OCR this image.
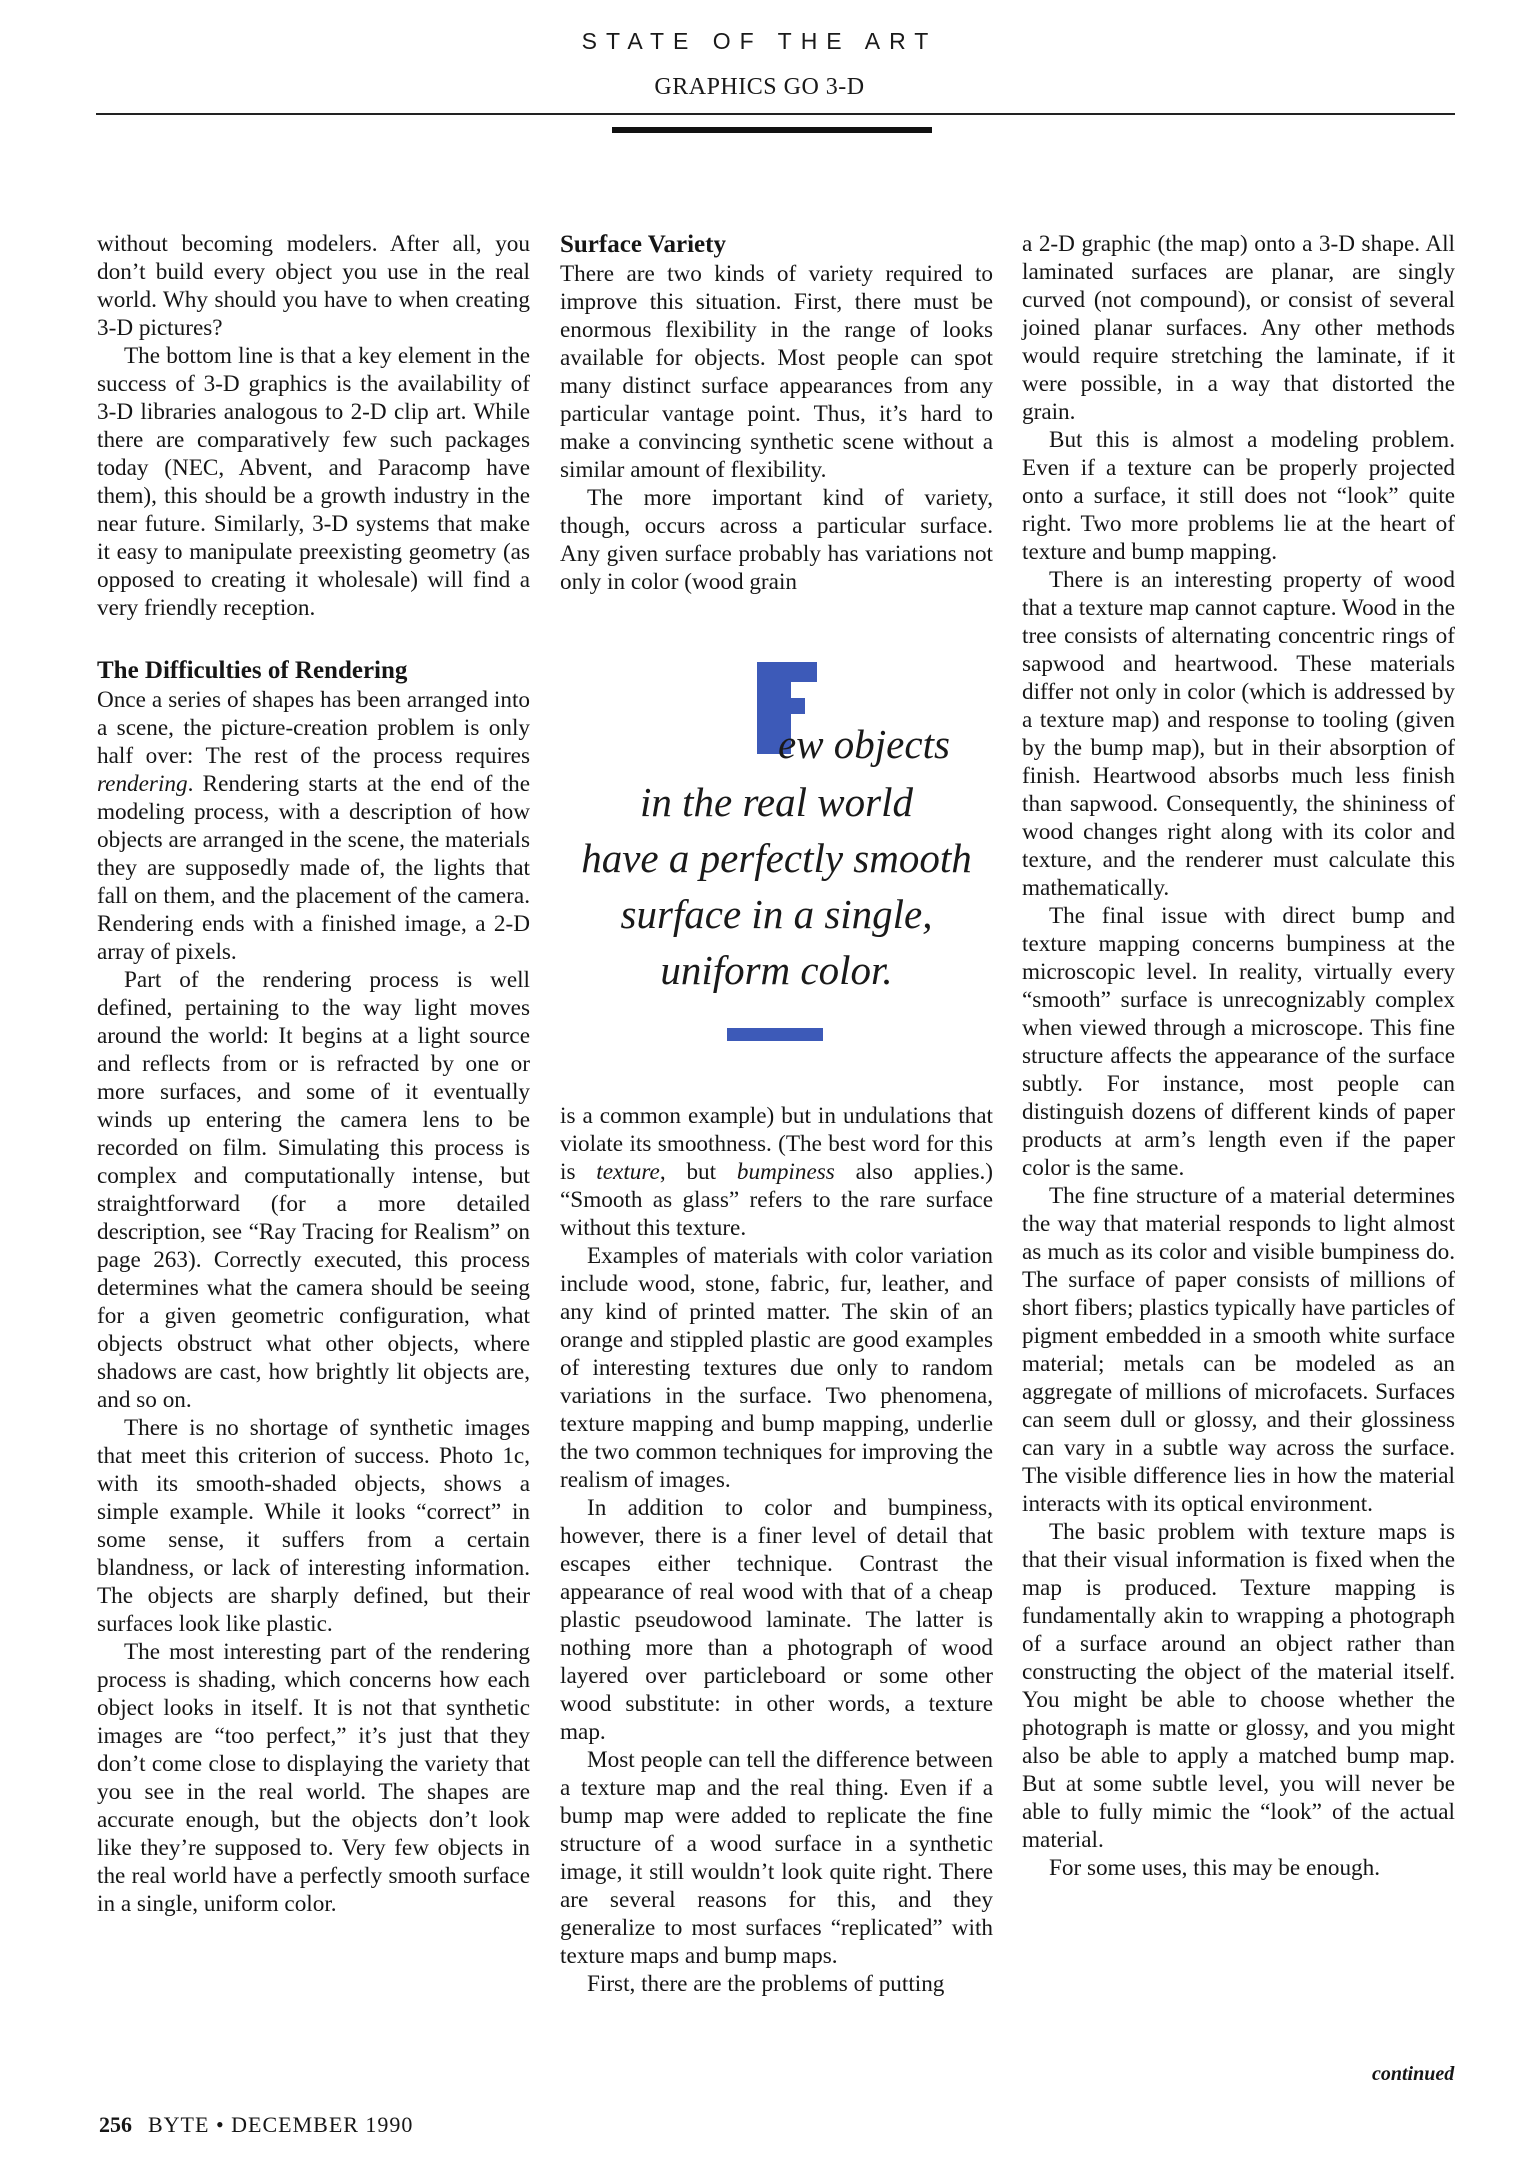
STATE OF THE ART
GRAPHICS GO 3-D

without becoming modelers. After all, you don’t build every object you use in the real world. Why should you have to when creating 3-D pictures?

The bottom line is that a key element in the success of 3-D graphics is the availability of 3-D libraries analogous to 2-D clip art. While there are comparatively few such packages today (NEC, Abvent, and Paracomp have them), this should be a growth industry in the near future. Similarly, 3-D systems that make it easy to manipulate preexisting geometry (as opposed to creating it wholesale) will find a very friendly reception.

The Difficulties of Rendering

Once a series of shapes has been arranged into a scene, the picture-creation problem is only half over: The rest of the process requires rendering. Rendering starts at the end of the modeling process, with a description of how objects are arranged in the scene, the materials they are supposedly made of, the lights that fall on them, and the placement of the camera. Rendering ends with a finished image, a 2-D array of pixels.

Part of the rendering process is well defined, pertaining to the way light moves around the world: It begins at a light source and reflects from or is refracted by one or more surfaces, and some of it eventually winds up entering the camera lens to be recorded on film. Simulating this process is complex and computationally intense, but straightforward (for a more detailed description, see “Ray Tracing for Realism” on page 263). Correctly executed, this process determines what the camera should be seeing for a given geometric configuration, what objects obstruct what other objects, where shadows are cast, how brightly lit objects are, and so on.

There is no shortage of synthetic images that meet this criterion of success. Photo 1c, with its smooth-shaded objects, shows a simple example. While it looks “correct” in some sense, it suffers from a certain blandness, or lack of interesting information. The objects are sharply defined, but their surfaces look like plastic.

The most interesting part of the rendering process is shading, which concerns how each object looks in itself. It is not that synthetic images are “too perfect,” it’s just that they don’t come close to displaying the variety that you see in the real world. The shapes are accurate enough, but the objects don’t look like they’re supposed to. Very few objects in the real world have a perfectly smooth surface in a single, uniform color.

Surface Variety

There are two kinds of variety required to improve this situation. First, there must be enormous flexibility in the range of looks available for objects. Most people can spot many distinct surface appearances from any particular vantage point. Thus, it’s hard to make a convincing synthetic scene without a similar amount of flexibility.

The more important kind of variety, though, occurs across a particular surface. Any given surface probably has variations not only in color (wood grain

ew objects
in the real world
have a perfectly smooth
surface in a single,
uniform color.

is a common example) but in undulations that violate its smoothness. (The best word for this is texture, but bumpiness also applies.) “Smooth as glass” refers to the rare surface without this texture.

Examples of materials with color variation include wood, stone, fabric, fur, leather, and any kind of printed matter. The skin of an orange and stippled plastic are good examples of interesting textures due only to random variations in the surface. Two phenomena, texture mapping and bump mapping, underlie the two common techniques for improving the realism of images.

In addition to color and bumpiness, however, there is a finer level of detail that escapes either technique. Contrast the appearance of real wood with that of a cheap plastic pseudowood laminate. The latter is nothing more than a photograph of wood layered over particleboard or some other wood substitute: in other words, a texture map.

Most people can tell the difference between a texture map and the real thing. Even if a bump map were added to replicate the fine structure of a wood surface in a synthetic image, it still wouldn’t look quite right. There are several reasons for this, and they generalize to most surfaces “replicated” with texture maps and bump maps.

First, there are the problems of putting

a 2-D graphic (the map) onto a 3-D shape. All laminated surfaces are planar, are singly curved (not compound), or consist of several joined planar surfaces. Any other methods would require stretching the laminate, if it were possible, in a way that distorted the grain.

But this is almost a modeling problem. Even if a texture can be properly projected onto a surface, it still does not “look” quite right. Two more problems lie at the heart of texture and bump mapping.

There is an interesting property of wood that a texture map cannot capture. Wood in the tree consists of alternating concentric rings of sapwood and heartwood. These materials differ not only in color (which is addressed by a texture map) and response to tooling (given by the bump map), but in their absorption of finish. Heartwood absorbs much less finish than sapwood. Consequently, the shininess of wood changes right along with its color and texture, and the renderer must calculate this mathematically.

The final issue with direct bump and texture mapping concerns bumpiness at the microscopic level. In reality, virtually every “smooth” surface is unrecognizably complex when viewed through a microscope. This fine structure affects the appearance of the surface subtly. For instance, most people can distinguish dozens of different kinds of paper products at arm’s length even if the paper color is the same.

The fine structure of a material determines the way that material responds to light almost as much as its color and visible bumpiness do. The surface of paper consists of millions of short fibers; plastics typically have particles of pigment embedded in a smooth white surface material; metals can be modeled as an aggregate of millions of microfacets. Surfaces can seem dull or glossy, and their glossiness can vary in a subtle way across the surface. The visible difference lies in how the material interacts with its optical environment.

The basic problem with texture maps is that their visual information is fixed when the map is produced. Texture mapping is fundamentally akin to wrapping a photograph of a surface around an object rather than constructing the object of the material itself. You might be able to choose whether the photograph is matte or glossy, and you might also be able to apply a matched bump map. But at some subtle level, you will never be able to fully mimic the “look” of the actual material.

For some uses, this may be enough.

continued
256 BYTE • DECEMBER 1990
